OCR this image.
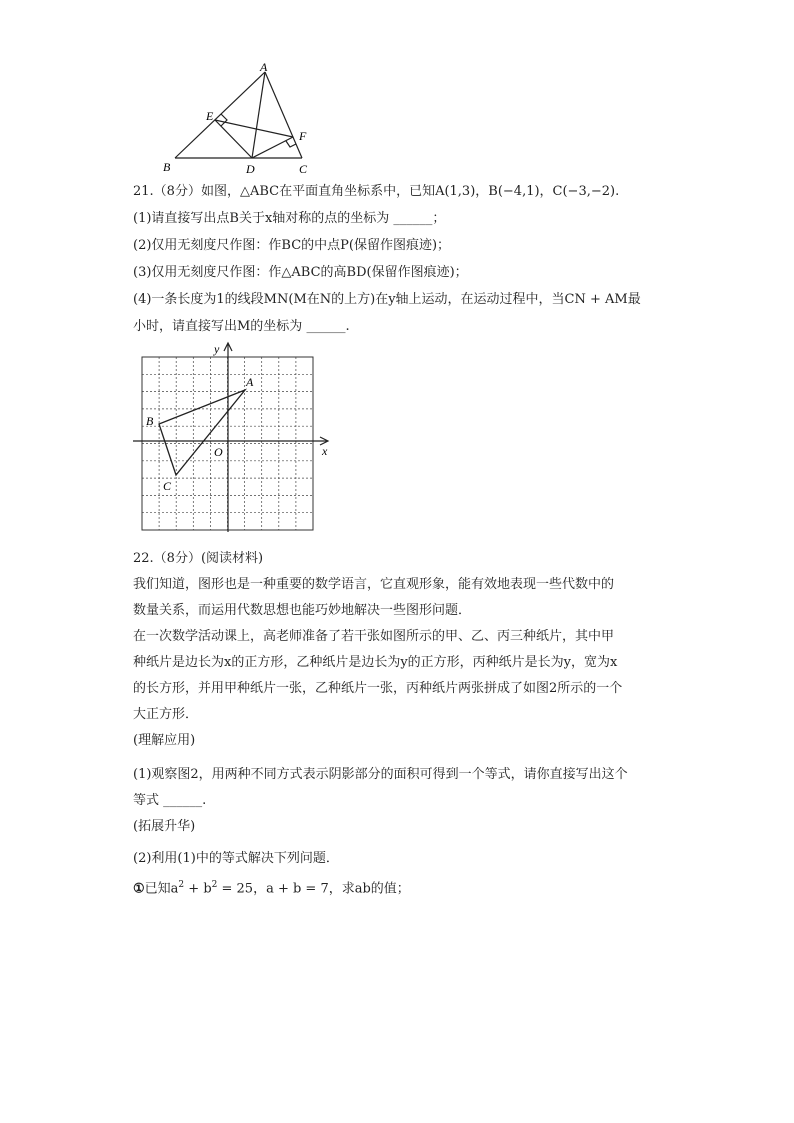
A
E
F
B	D	C
21.（8分）如图，△ABC在平面直角坐标系中，已知A(1,3)，B(−4,1)，C(−3,−2).
(1)请直接写出点B关于x轴对称的点的坐标为 ______；
(2)仅用无刻度尺作图：作BC的中点P(保留作图痕迹)；
(3)仅用无刻度尺作图：作△ABC的高BD(保留作图痕迹)；
(4)一条长度为1的线段MN(M在N的上方)在y轴上运动，在运动过程中，当CN + AM最
小时，请直接写出M的坐标为 ______.
x
y
O
A
B
C
22.（8分）(阅读材料)
我们知道，图形也是一种重要的数学语言，它直观形象，能有效地表现一些代数中的
数量关系，而运用代数思想也能巧妙地解决一些图形问题．
在一次数学活动课上，高老师准备了若干张如图所示的甲、乙、丙三种纸片，其中甲
种纸片是边长为x的正方形，乙种纸片是边长为y的正方形，丙种纸片是长为y，宽为x
的长方形，并用甲种纸片一张，乙种纸片一张，丙种纸片两张拼成了如图2所示的一个
大正方形．
(理解应用)
(1)观察图2，用两种不同方式表示阴影部分的面积可得到一个等式，请你直接写出这个
等式 ______.
(拓展升华)
(2)利用(1)中的等式解决下列问题．
①已知$a^2 + b^2 = 25$，a + b = 7，求ab的值；
